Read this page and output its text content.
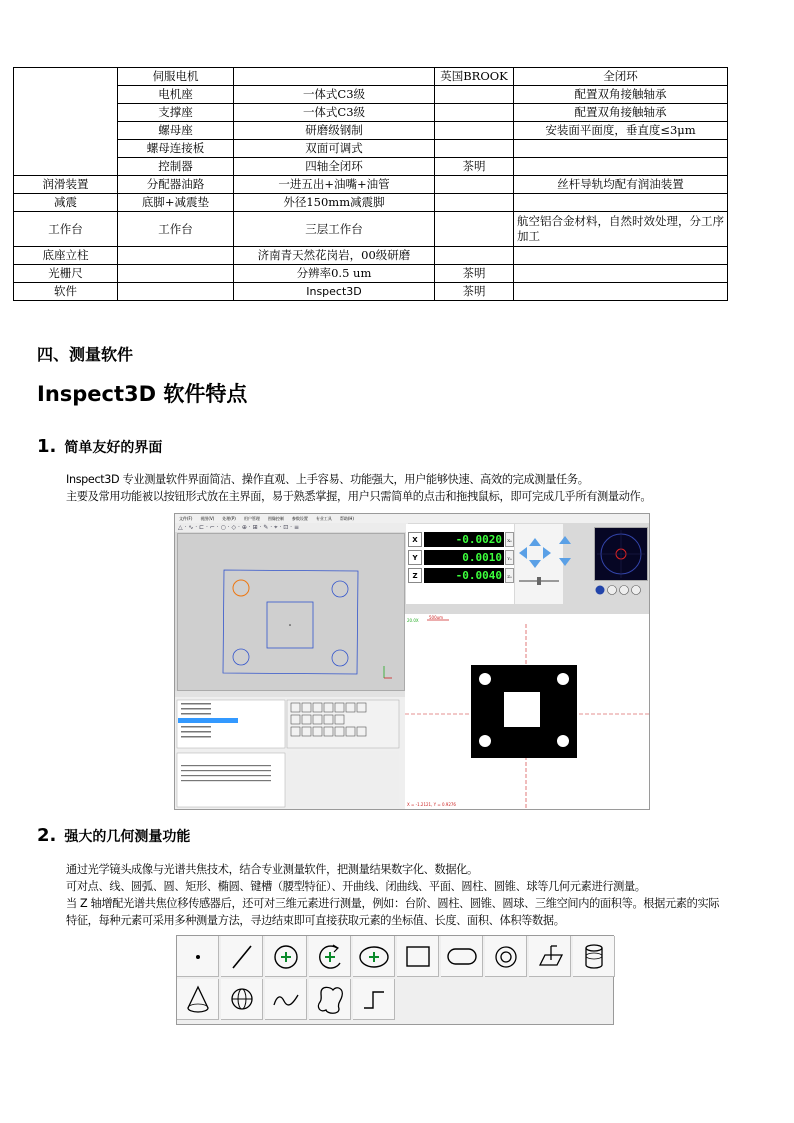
	伺服电机		英国BROOK	全闭环
	电机座	一体式C3级		配置双角接触轴承
	支撑座	一体式C3级		配置双角接触轴承
	螺母座	研磨级钢制		安装面平面度，垂直度≤3μm
	螺母连接板	双面可调式		
	控制器	四轴全闭环	茶明	
润滑装置	分配器油路	一进五出+油嘴+油管		丝杆导轨均配有润油装置
减震	底脚+减震垫	外径150mm减震脚		
工作台	工作台	三层工作台		航空铝合金材料，自然时效处理，分工序加工
底座立柱		济南青天然花岗岩，00级研磨		
光栅尺		分辨率0.5 um	茶明	
软件		Inspect3D	茶明	
四、测量软件
Inspect3D 软件特点
1. 简单友好的界面

Inspect3D 专业测量软件界面简洁、操作直观、上手容易、功能强大，用户能够快速、高效的完成测量任务。

主要及常用功能被以按钮形式放在主界面，易于熟悉掌握，用户只需简单的点击和拖拽鼠标，即可完成几乎所有测量动作。

文件(F) 视图(V) 处理(P) 用户管理 图像控制 参数设置 专业工具 帮助(H)
△ · ∿ · ⊏ · ⌐ · ○ · ◇ · ⊕ · ⊞ · ✎ · ⌖ · ⊡ · ≡
X	-0.0020	X₀
Y	0.0010	Y₀
Z	-0.0040	Z₀
20.0X
500um
X = -1.2121, Y = 0.9276
2. 强大的几何测量功能

通过光学镜头成像与光谱共焦技术，结合专业测量软件，把测量结果数字化、数据化。

可对点、线、圆弧、圆、矩形、椭圆、键槽（腰型特征）、开曲线、闭曲线、平面、圆柱、圆锥、球等几何元素进行测量。

当 Z 轴增配光谱共焦位移传感器后，还可对三维元素进行测量，例如：台阶、圆柱、圆锥、圆球、三维空间内的面积等。根据元素的实际特征，每种元素可采用多种测量方法，寻边结束即可直接获取元素的坐标值、长度、面积、体积等数据。
